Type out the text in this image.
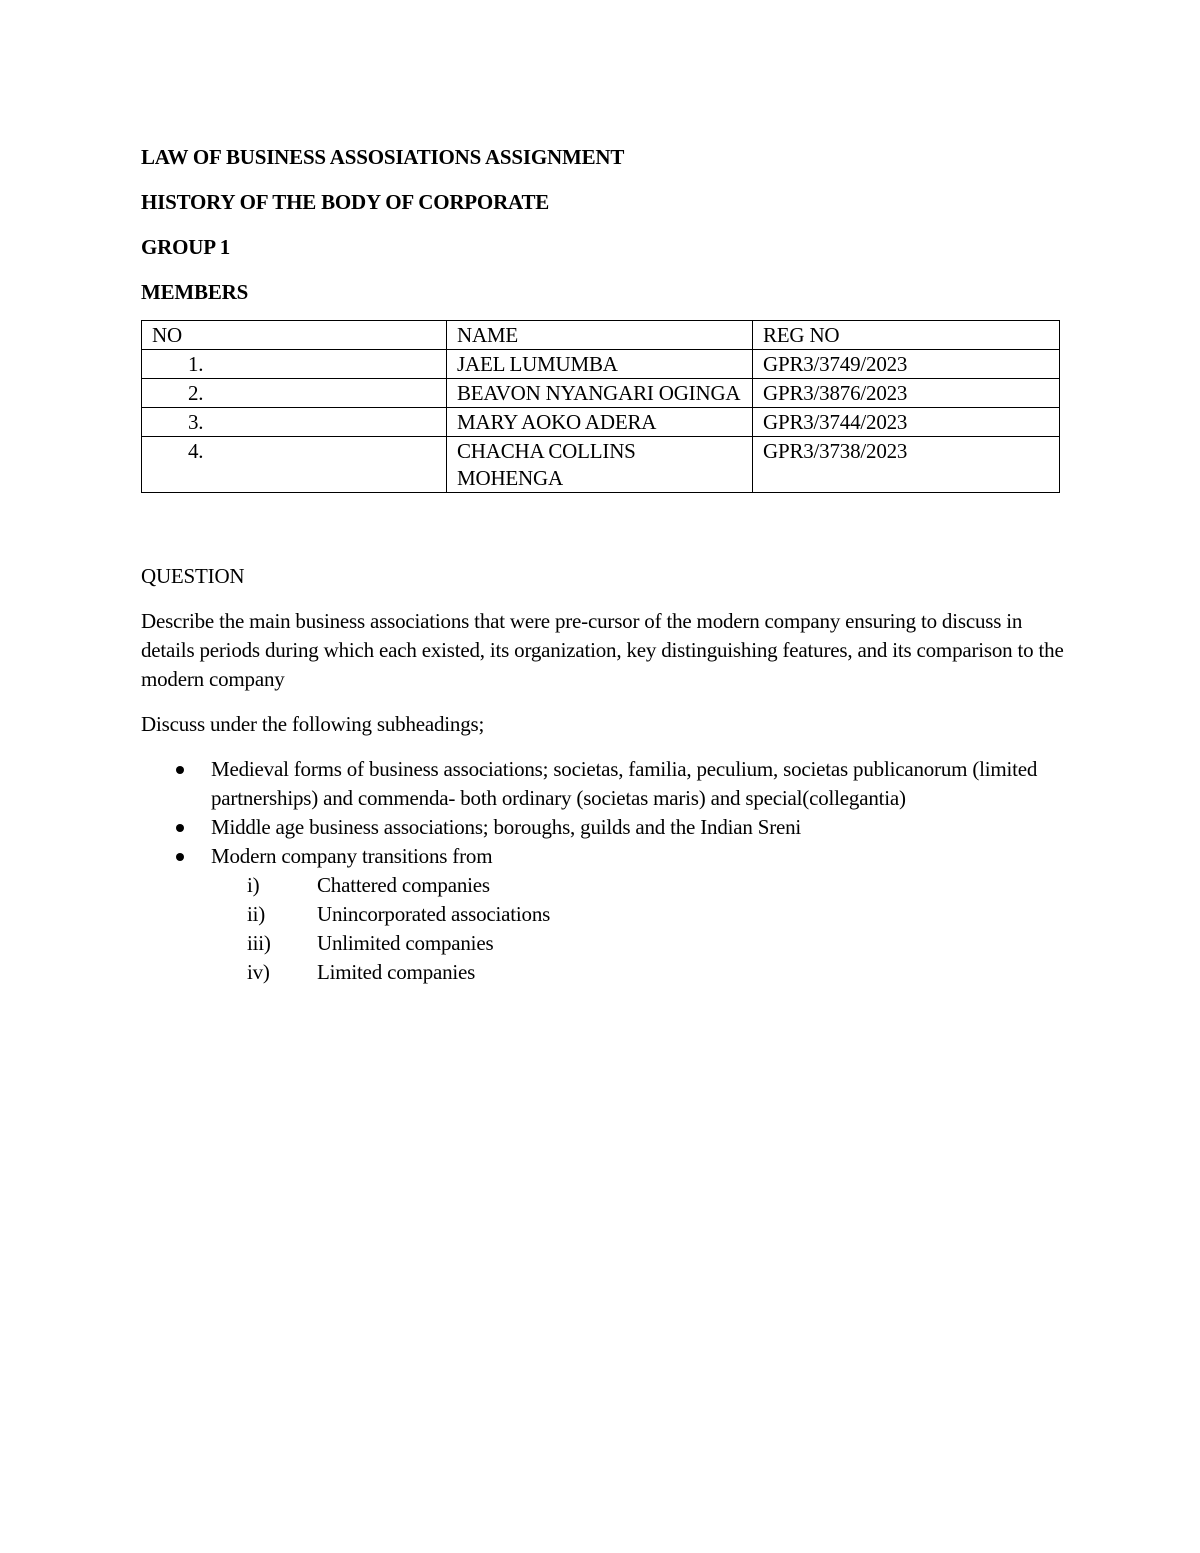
LAW OF BUSINESS ASSOSIATIONS ASSIGNMENT
HISTORY OF THE BODY OF CORPORATE
GROUP 1
MEMBERS
NO	NAME	REG NO
1.	JAEL LUMUMBA	GPR3/3749/2023
2.	BEAVON NYANGARI OGINGA	GPR3/3876/2023
3.	MARY AOKO ADERA	GPR3/3744/2023
4.	CHACHA COLLINS MOHENGA	GPR3/3738/2023
QUESTION
Describe the main business associations that were pre-cursor of the modern company ensuring to discuss in details periods during which each existed, its organization, key distinguishing features, and its comparison to the modern company
Discuss under the following subheadings;
Medieval forms of business associations; societas, familia, peculium, societas publicanorum (limited partnerships) and commenda- both ordinary (societas maris) and special(collegantia)
Middle age business associations; boroughs, guilds and the Indian Sreni
Modern company transitions from
i)	Chattered companies
ii) Unincorporated associations
iii) Unlimited companies
iv) Limited companies
